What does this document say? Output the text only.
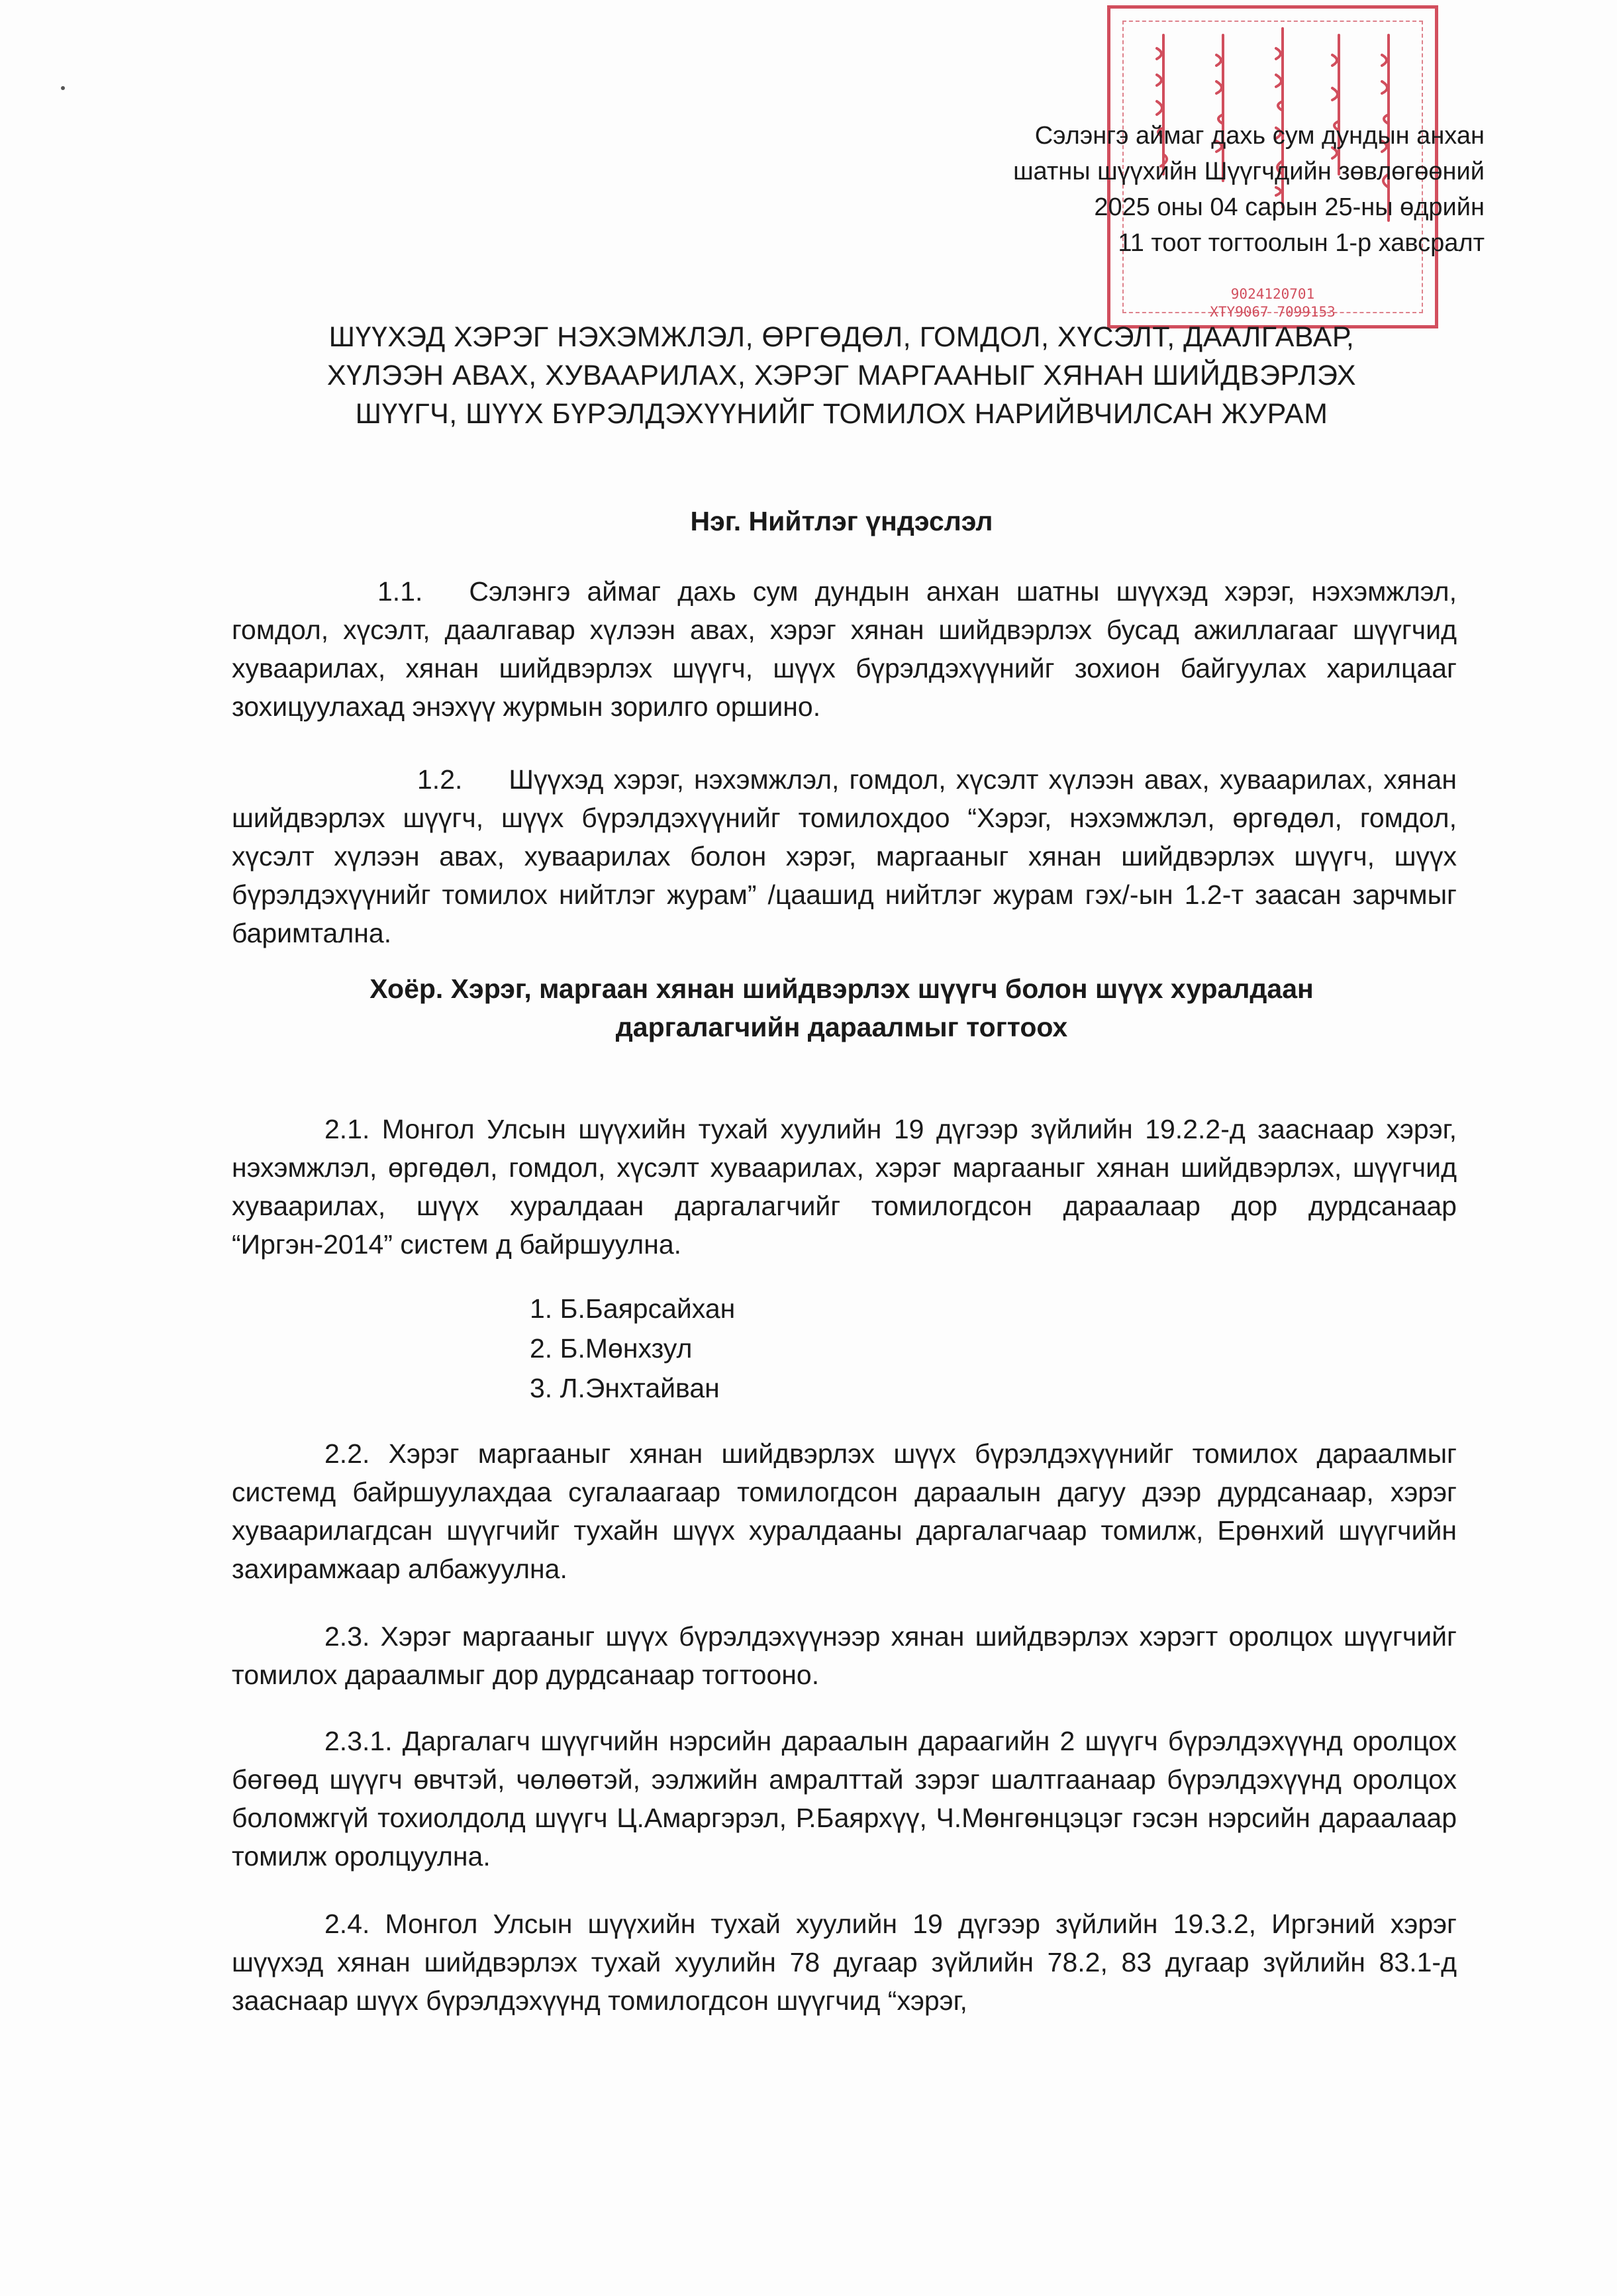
9024120701
XTY9067 7099153
Сэлэнгэ аймаг дахь сум дундын анхан
шатны шүүхийн Шүүгчдийн зөвлөгөөний
2025 оны 04 сарын 25-ны өдрийн
11 тоот тогтоолын 1-р хавсралт
ШҮҮХЭД ХЭРЭГ НЭХЭМЖЛЭЛ, ӨРГӨДӨЛ, ГОМДОЛ, ХҮСЭЛТ, ДААЛГАВАР,
ХҮЛЭЭН АВАХ, ХУВААРИЛАХ, ХЭРЭГ МАРГААНЫГ ХЯНАН ШИЙДВЭРЛЭХ
ШҮҮГЧ, ШҮҮХ БҮРЭЛДЭХҮҮНИЙГ ТОМИЛОХ НАРИЙВЧИЛСАН ЖУРАМ
Нэг. Нийтлэг үндэслэл
1.1. Сэлэнгэ аймаг дахь сум дундын анхан шатны шүүхэд хэрэг, нэхэмжлэл, гомдол, хүсэлт, даалгавар хүлээн авах, хэрэг хянан шийдвэрлэх бусад ажиллагааг шүүгчид хуваарилах, хянан шийдвэрлэх шүүгч, шүүх бүрэлдэхүүнийг зохион байгуулах харилцааг зохицуулахад энэхүү журмын зорилго оршино.
1.2. Шүүхэд хэрэг, нэхэмжлэл, гомдол, хүсэлт хүлээн авах, хуваарилах, хянан шийдвэрлэх шүүгч, шүүх бүрэлдэхүүнийг томилохдоо “Хэрэг, нэхэмжлэл, өргөдөл, гомдол, хүсэлт хүлээн авах, хуваарилах болон хэрэг, маргааныг хянан шийдвэрлэх шүүгч, шүүх бүрэлдэхүүнийг томилох нийтлэг журам” /цаашид нийтлэг журам гэх/-ын 1.2-т заасан зарчмыг баримтална.
Хоёр. Хэрэг, маргаан хянан шийдвэрлэх шүүгч болон шүүх хуралдаан
даргалагчийн дараалмыг тогтоох
2.1. Монгол Улсын шүүхийн тухай хуулийн 19 дүгээр зүйлийн 19.2.2-д зааснаар хэрэг, нэхэмжлэл, өргөдөл, гомдол, хүсэлт хуваарилах, хэрэг маргааныг хянан шийдвэрлэх, шүүгчид хуваарилах, шүүх хуралдаан даргалагчийг томилогдсон дараалаар дор дурдсанаар “Иргэн-2014” систем д байршуулна.
1. Б.Баярсайхан
2. Б.Мөнхзул
3. Л.Энхтайван
2.2. Хэрэг маргааныг хянан шийдвэрлэх шүүх бүрэлдэхүүнийг томилох дараалмыг системд байршуулахдаа сугалаагаар томилогдсон дараалын дагуу дээр дурдсанаар, хэрэг хуваарилагдсан шүүгчийг тухайн шүүх хуралдааны даргалагчаар томилж, Ерөнхий шүүгчийн захирамжаар албажуулна.
2.3. Хэрэг маргааныг шүүх бүрэлдэхүүнээр хянан шийдвэрлэх хэрэгт оролцох шүүгчийг томилох дараалмыг дор дурдсанаар тогтооно.
2.3.1. Даргалагч шүүгчийн нэрсийн дараалын дараагийн 2 шүүгч бүрэлдэхүүнд оролцох бөгөөд шүүгч өвчтэй, чөлөөтэй, ээлжийн амралттай зэрэг шалтгаанаар бүрэлдэхүүнд оролцох боломжгүй тохиолдолд шүүгч Ц.Амаргэрэл, Р.Баярхүү, Ч.Мөнгөнцэцэг гэсэн нэрсийн дараалаар томилж оролцуулна.
2.4. Монгол Улсын шүүхийн тухай хуулийн 19 дүгээр зүйлийн 19.3.2, Иргэний хэрэг шүүхэд хянан шийдвэрлэх тухай хуулийн 78 дугаар зүйлийн 78.2, 83 дугаар зүйлийн 83.1-д зааснаар шүүх бүрэлдэхүүнд томилогдсон шүүгчид “хэрэг,
